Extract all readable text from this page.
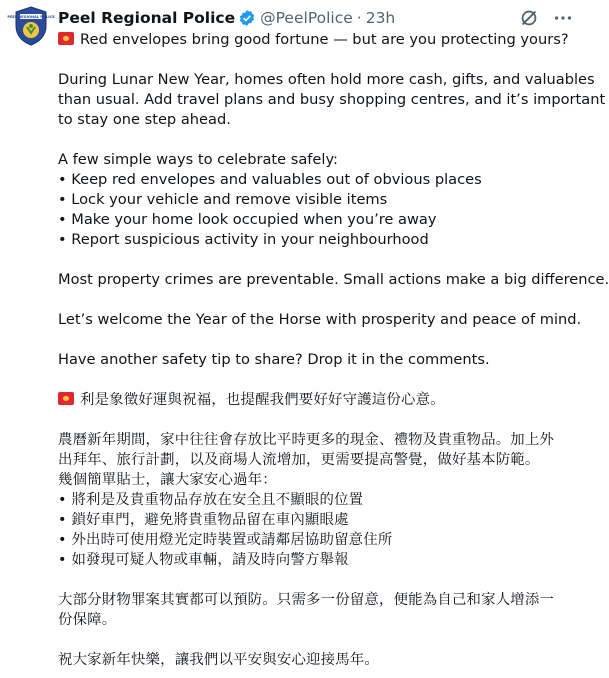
PEEL REGIONAL POLICE Peel Regional Police @PeelPolice · 23h
Red envelopes bring good fortune — but are you protecting yours?
During Lunar New Year, homes often hold more cash, gifts, and valuables
than usual. Add travel plans and busy shopping centres, and it’s important
to stay one step ahead.
A few simple ways to celebrate safely:
• Keep red envelopes and valuables out of obvious places
• Lock your vehicle and remove visible items
• Make your home look occupied when you’re away
• Report suspicious activity in your neighbourhood
Most property crimes are preventable. Small actions make a big difference.
Let’s welcome the Year of the Horse with prosperity and peace of mind.
Have another safety tip to share? Drop it in the comments.
利是象徵好運與祝福，也提醒我們要好好守護這份心意。
農曆新年期間，家中往往會存放比平時更多的現金、禮物及貴重物品。加上外
出拜年、旅行計劃，以及商場人流增加，更需要提高警覺，做好基本防範。
幾個簡單貼士，讓大家安心過年：
• 將利是及貴重物品存放在安全且不顯眼的位置
• 鎖好車門，避免將貴重物品留在車內顯眼處
• 外出時可使用燈光定時裝置或請鄰居協助留意住所
• 如發現可疑人物或車輛，請及時向警方舉報
大部分財物罪案其實都可以預防。只需多一份留意，便能為自己和家人增添一
份保障。
祝大家新年快樂，讓我們以平安與安心迎接馬年。
